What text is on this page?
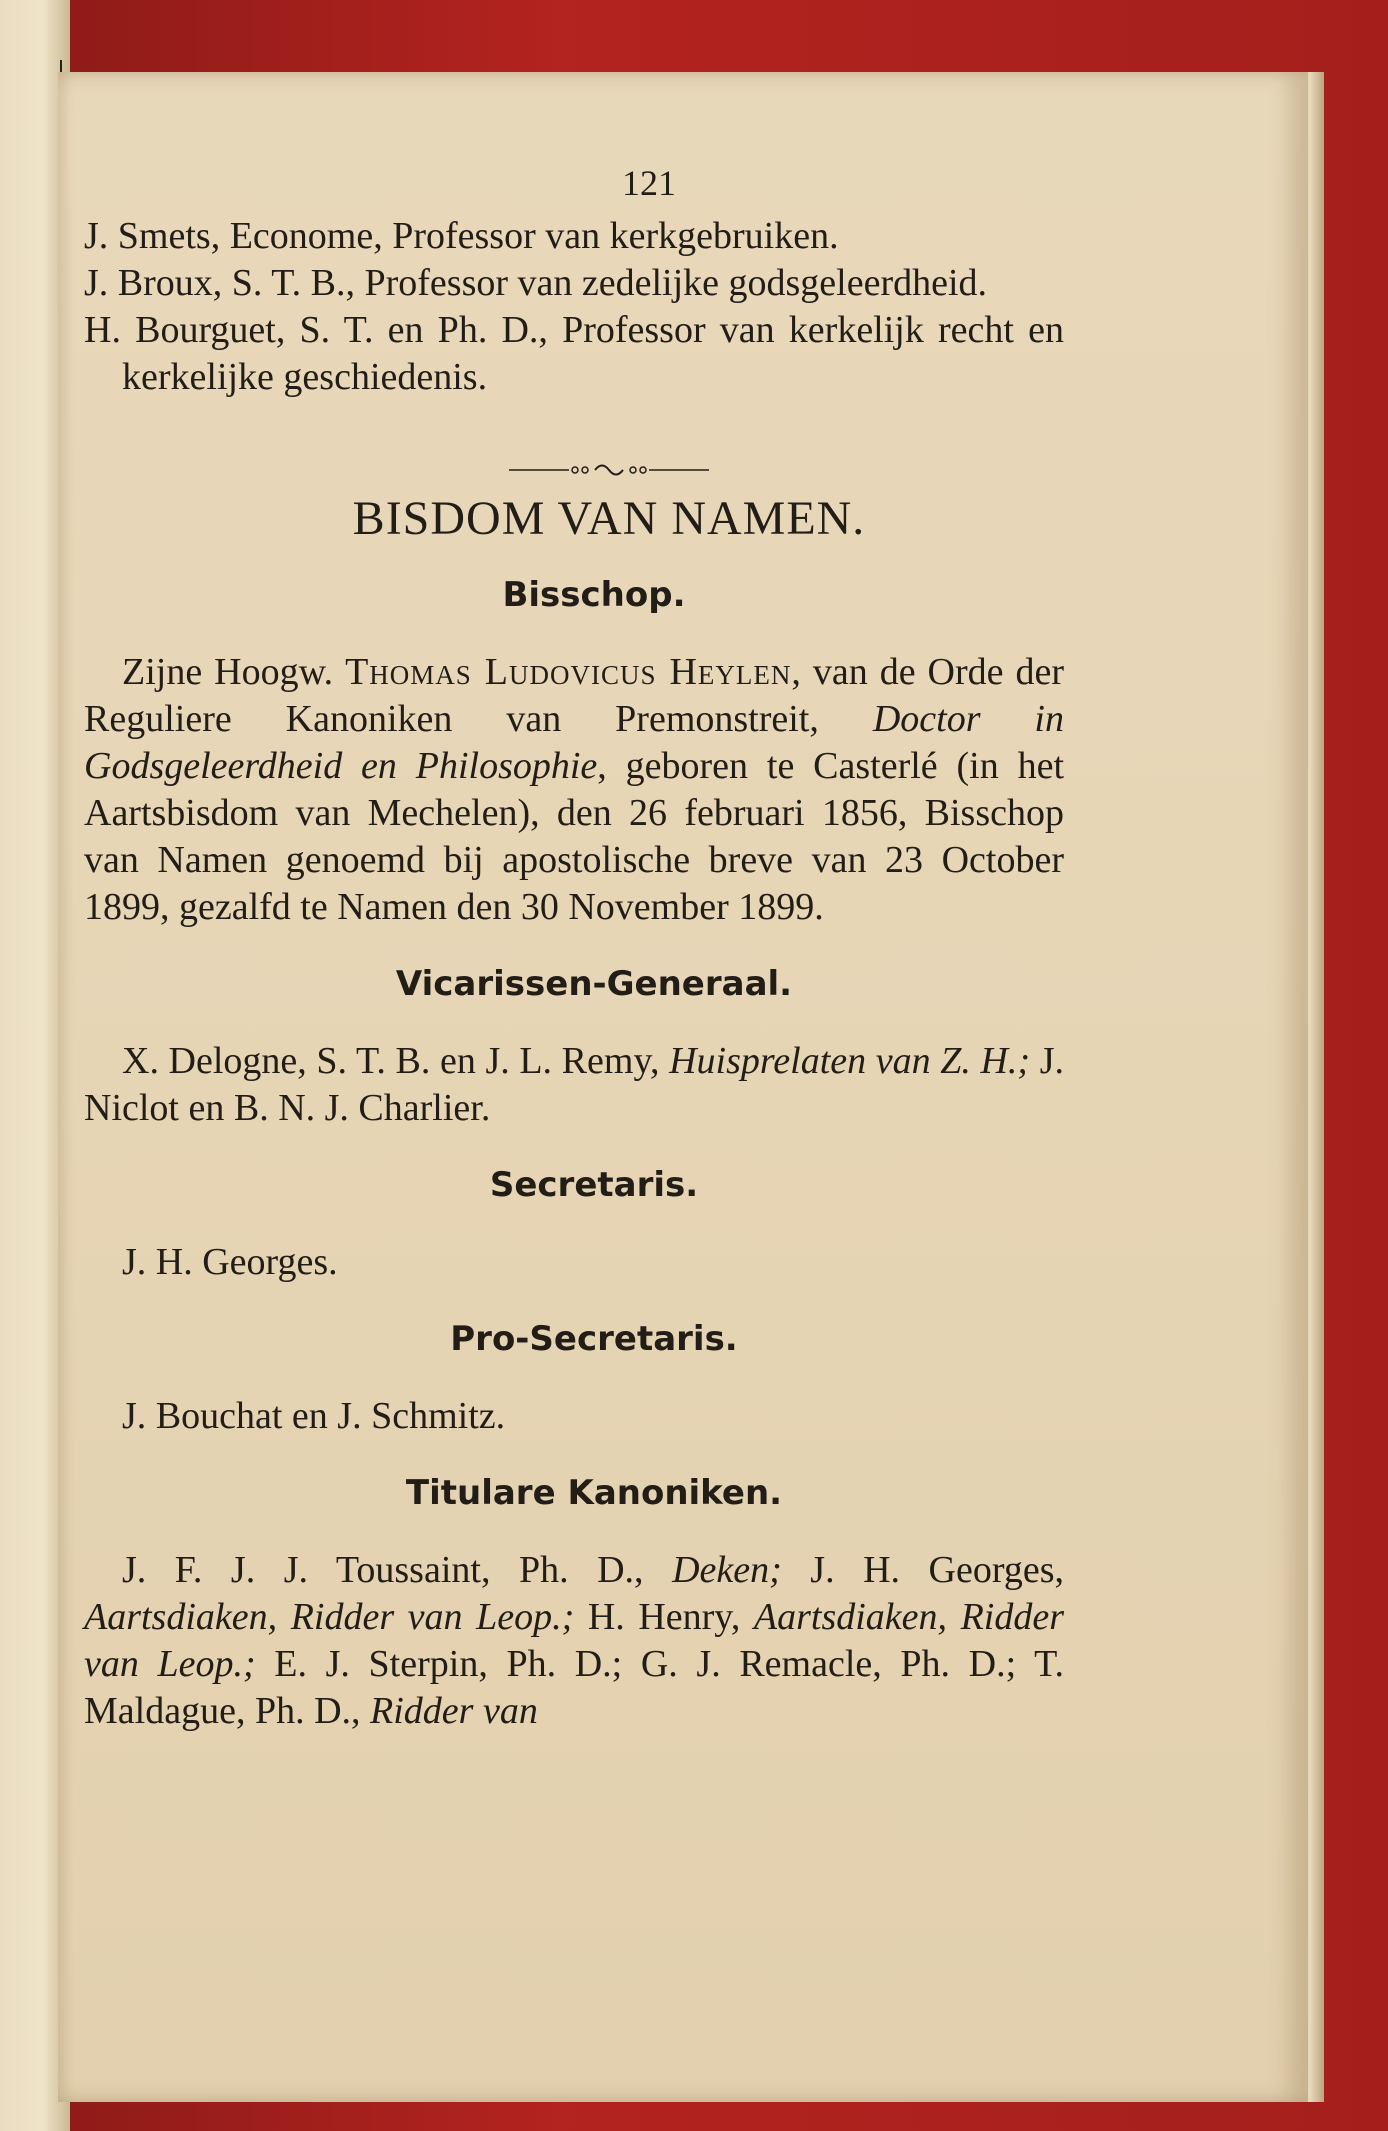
121

J. Smets, Econome, Professor van kerkgebruiken.

J. Broux, S. T. B., Professor van zedelijke godsgeleerdheid.

H. Bourguet, S. T. en Ph. D., Professor van kerkelijk recht en kerkelijke geschiedenis.

BISDOM VAN NAMEN.
Bisschop.

Zijne Hoogw. Thomas Ludovicus Heylen, van de Orde der Reguliere Kanoniken van Premonstreit, Doctor in Godsgeleerdheid en Philosophie, geboren te Casterlé (in het Aartsbisdom van Mechelen), den 26 februari 1856, Bisschop van Namen genoemd bij apostolische breve van 23 October 1899, gezalfd te Namen den 30 November 1899.

Vicarissen-Generaal.

X. Delogne, S. T. B. en J. L. Remy, Huisprelaten van Z. H.; J. Niclot en B. N. J. Charlier.

Secretaris.

J. H. Georges.

Pro-Secretaris.

J. Bouchat en J. Schmitz.

Titulare Kanoniken.

J. F. J. J. Toussaint, Ph. D., Deken; J. H. Georges, Aartsdiaken, Ridder van Leop.; H. Henry, Aartsdiaken, Ridder van Leop.; E. J. Sterpin, Ph. D.; G. J. Remacle, Ph. D.; T. Maldague, Ph. D., Ridder van
